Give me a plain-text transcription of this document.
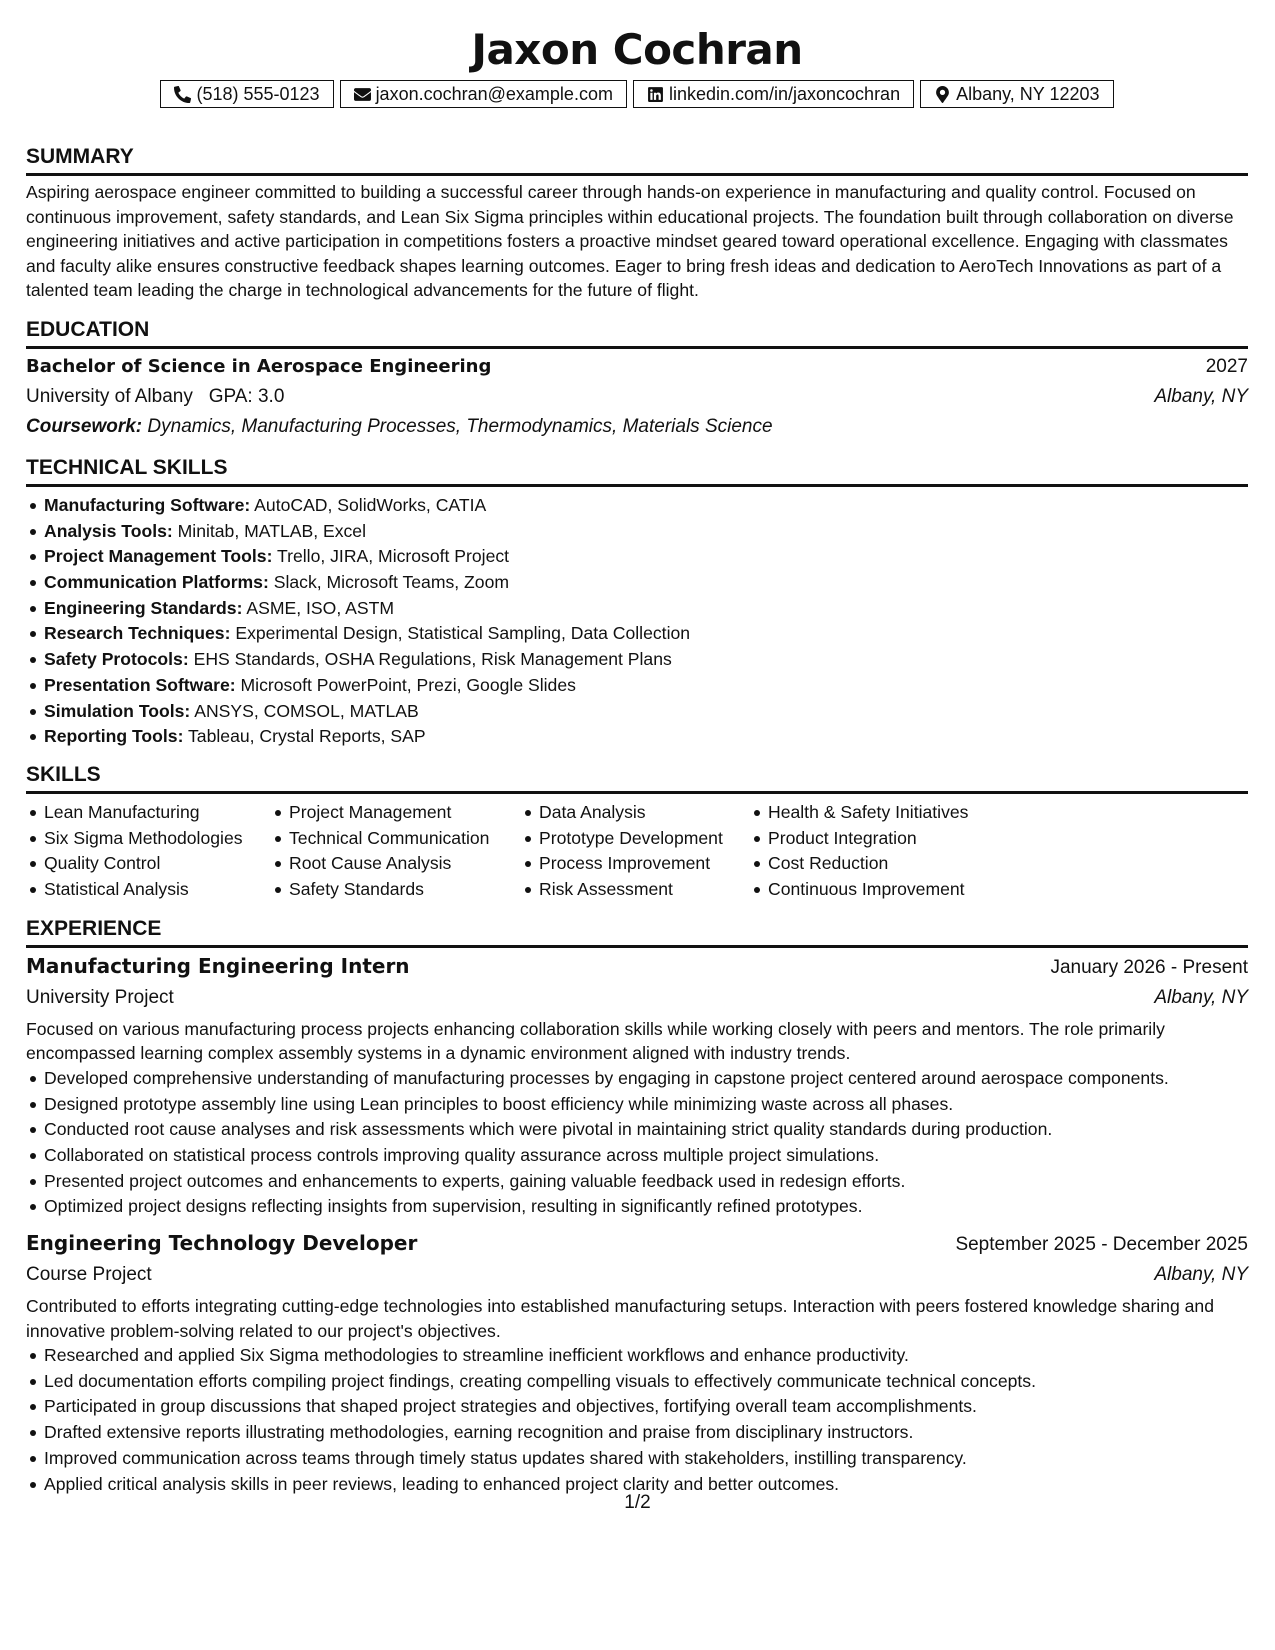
Jaxon Cochran
(518) 555-0123	jaxon.cochran@example.com	linkedin.com/in/jaxoncochran	Albany, NY 12203
SUMMARY

Aspiring aerospace engineer committed to building a successful career through hands-on experience in manufacturing and quality control. Focused on continuous improvement, safety standards, and Lean Six Sigma principles within educational projects. The foundation built through collaboration on diverse engineering initiatives and active participation in competitions fosters a proactive mindset geared toward operational excellence. Engaging with classmates and faculty alike ensures constructive feedback shapes learning outcomes. Eager to bring fresh ideas and dedication to AeroTech Innovations as part of a talented team leading the charge in technological advancements for the future of flight.

EDUCATION
Bachelor of Science in Aerospace Engineering	2027
University of Albany GPA: 3.0	Albany, NY
Coursework: Dynamics, Manufacturing Processes, Thermodynamics, Materials Science
TECHNICAL SKILLS
Manufacturing Software: AutoCAD, SolidWorks, CATIA
Analysis Tools: Minitab, MATLAB, Excel
Project Management Tools: Trello, JIRA, Microsoft Project
Communication Platforms: Slack, Microsoft Teams, Zoom
Engineering Standards: ASME, ISO, ASTM
Research Techniques: Experimental Design, Statistical Sampling, Data Collection
Safety Protocols: EHS Standards, OSHA Regulations, Risk Management Plans
Presentation Software: Microsoft PowerPoint, Prezi, Google Slides
Simulation Tools: ANSYS, COMSOL, MATLAB
Reporting Tools: Tableau, Crystal Reports, SAP
SKILLS
Lean Manufacturing
Six Sigma Methodologies
Quality Control
Statistical Analysis
Project Management
Technical Communication
Root Cause Analysis
Safety Standards
Data Analysis
Prototype Development
Process Improvement
Risk Assessment
Health & Safety Initiatives
Product Integration
Cost Reduction
Continuous Improvement
EXPERIENCE
Manufacturing Engineering Intern	January 2026 - Present
University Project	Albany, NY

Focused on various manufacturing process projects enhancing collaboration skills while working closely with peers and mentors. The role primarily encompassed learning complex assembly systems in a dynamic environment aligned with industry trends.

Developed comprehensive understanding of manufacturing processes by engaging in capstone project centered around aerospace components.
Designed prototype assembly line using Lean principles to boost efficiency while minimizing waste across all phases.
Conducted root cause analyses and risk assessments which were pivotal in maintaining strict quality standards during production.
Collaborated on statistical process controls improving quality assurance across multiple project simulations.
Presented project outcomes and enhancements to experts, gaining valuable feedback used in redesign efforts.
Optimized project designs reflecting insights from supervision, resulting in significantly refined prototypes.
Engineering Technology Developer	September 2025 - December 2025
Course Project	Albany, NY

Contributed to efforts integrating cutting-edge technologies into established manufacturing setups. Interaction with peers fostered knowledge sharing and innovative problem-solving related to our project's objectives.

Researched and applied Six Sigma methodologies to streamline inefficient workflows and enhance productivity.
Led documentation efforts compiling project findings, creating compelling visuals to effectively communicate technical concepts.
Participated in group discussions that shaped project strategies and objectives, fortifying overall team accomplishments.
Drafted extensive reports illustrating methodologies, earning recognition and praise from disciplinary instructors.
Improved communication across teams through timely status updates shared with stakeholders, instilling transparency.
Applied critical analysis skills in peer reviews, leading to enhanced project clarity and better outcomes.
1/2
